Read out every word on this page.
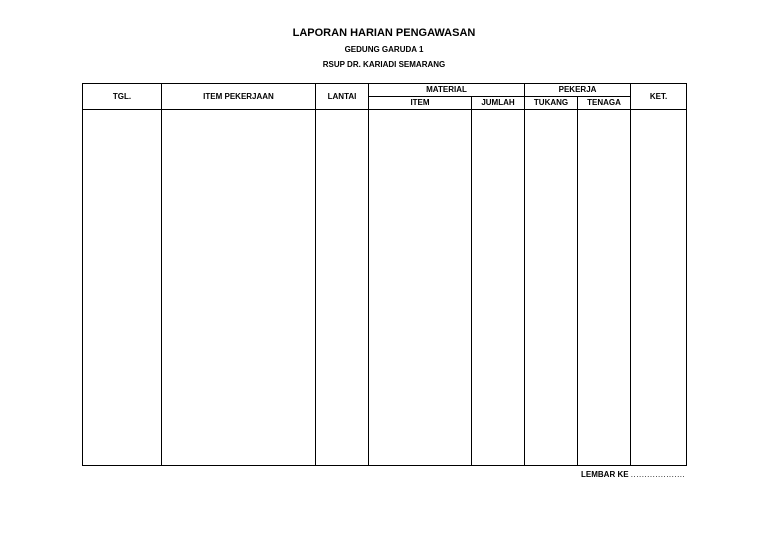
LAPORAN HARIAN PENGAWASAN
GEDUNG GARUDA 1
RSUP DR. KARIADI SEMARANG
TGL.	ITEM PEKERJAAN	LANTAI	MATERIAL		PEKERJA		KET.
			ITEM	JUMLAH	TUKANG	TENAGA	

LEMBAR KE ....................
